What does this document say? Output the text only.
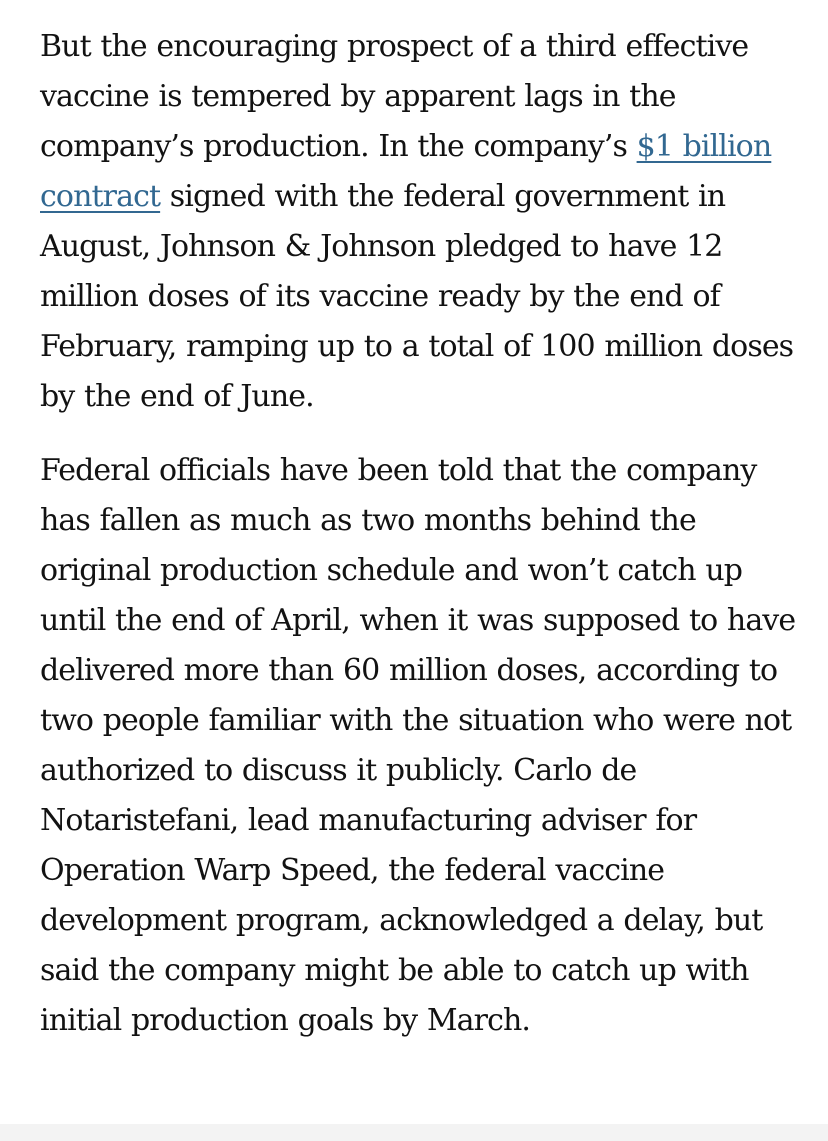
But the encouraging prospect of a third effective vaccine is tempered by apparent lags in the company’s production. In the company’s $1 billion contract signed with the federal government in August, Johnson & Johnson pledged to have 12 million doses of its vaccine ready by the end of February, ramping up to a total of 100 million doses by the end of June.

Federal officials have been told that the company has fallen as much as two months behind the original production schedule and won’t catch up until the end of April, when it was supposed to have delivered more than 60 million doses, according to two people familiar with the situation who were not authorized to discuss it publicly. Carlo de Notaristefani, lead manufacturing adviser for Operation Warp Speed, the federal vaccine development program, acknowledged a delay, but said the company might be able to catch up with initial production goals by March.
